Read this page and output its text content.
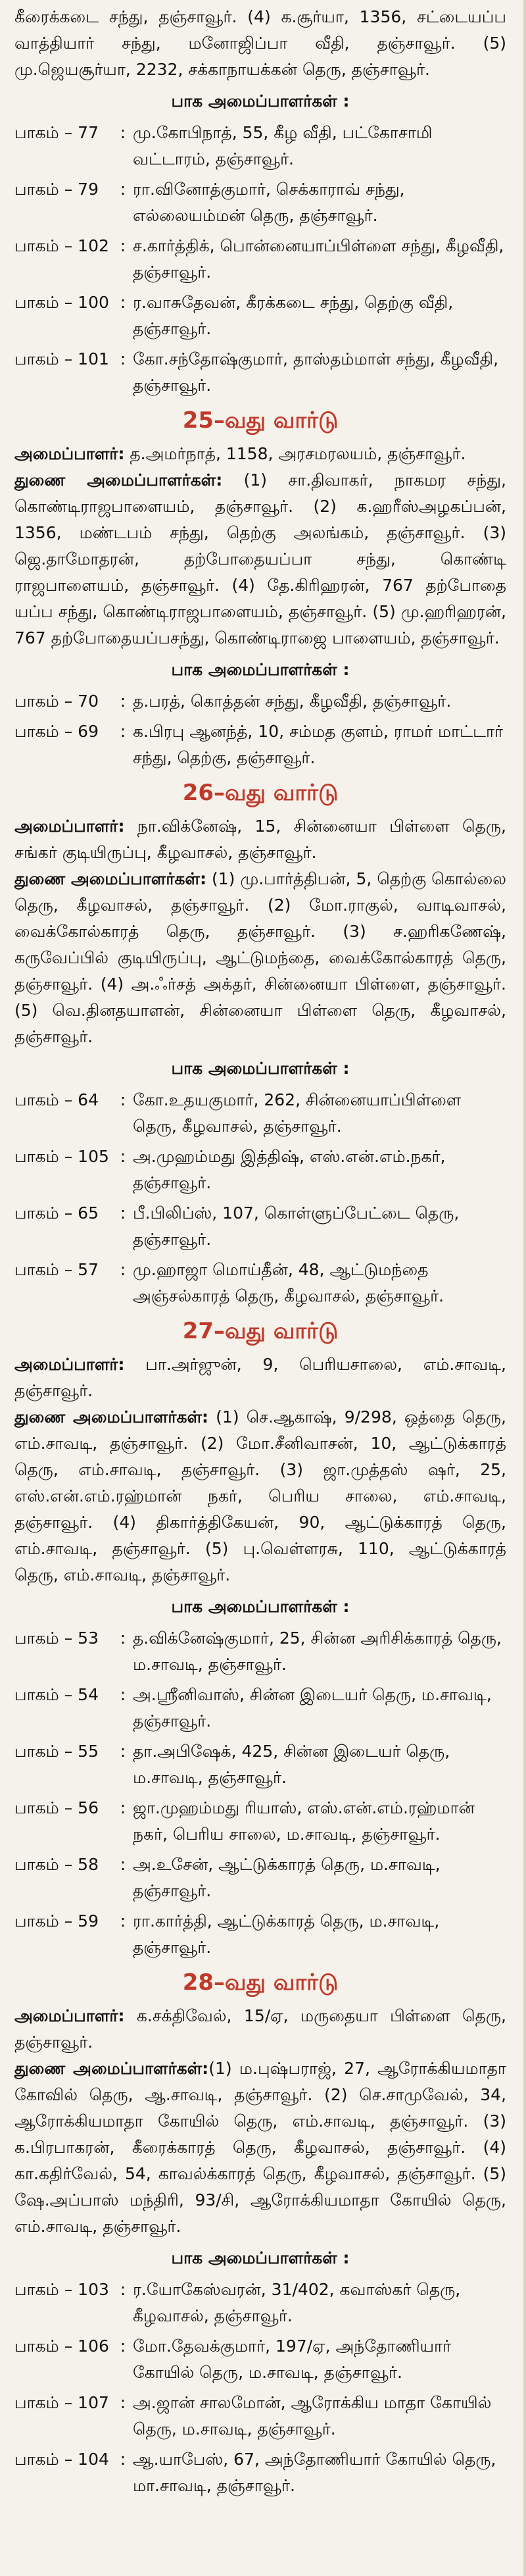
கீரைக்கடை சந்து, தஞ்சாவூர். (4) க.சூர்யா, 1356, சட்டையப்ப வாத்தியார் சந்து, மனோஜிப்பா வீதி, தஞ்சாவூர். (5) மு.ஜெயசூர்யா, 2232, சக்காநாயக்கன் தெரு, தஞ்சாவூர்.

பாக அமைப்பாளர்கள் :
பாகம் – 77	: மு.கோபிநாத், 55, கீழ வீதி, பட்கோசாமி வட்டாரம், தஞ்சாவூர்.
பாகம் – 79	: ரா.வினோத்குமார், செக்காராவ் சந்து, எல்லையம்மன் தெரு, தஞ்சாவூர்.
பாகம் – 102 : ச.கார்த்திக், பொன்னையாப்பிள்ளை சந்து, கீழவீதி, தஞ்சாவூர்.
பாகம் – 100 : ர.வாசுதேவன், கீரக்கடை சந்து, தெற்கு வீதி, தஞ்சாவூர்.
பாகம் – 101 : கோ.சந்தோஷ்குமார், தாஸ்தம்மாள் சந்து, கீழவீதி, தஞ்சாவூர்.
25–வது வார்டு

அமைப்பாளர்: த.அமர்நாத், 1158, அரசமரலயம், தஞ்சாவூர்.

துணை அமைப்பாளர்கள்: (1) சா.திவாகர், நாகமர சந்து, கொண்டிராஜபாளையம், தஞ்சாவூர். (2) க.ஹரீஸ்அழகப்பன், 1356, மண்டபம் சந்து, தெற்கு அலங்கம், தஞ்சாவூர். (3) ஜெ.தாமோதரன், தற்போதையப்பா சந்து, கொண்டி ராஜபாளையம், தஞ்சாவூர். (4) தே.கிரிஹரன், 767 தற்போதை யப்ப சந்து, கொண்டிராஜபாளையம், தஞ்சாவூர். (5) மு.ஹரிஹரன், 767 தற்போதையப்பசந்து, கொண்டிராஜை பாளையம், தஞ்சாவூர்.

பாக அமைப்பாளர்கள் :
பாகம் – 70	: த.பரத், கொத்தன் சந்து, கீழவீதி, தஞ்சாவூர்.
பாகம் – 69	: க.பிரபு ஆனந்த், 10, சம்மத குளம், ராமர் மாட்டார் சந்து, தெற்கு, தஞ்சாவூர்.
26–வது வார்டு

அமைப்பாளர்: நா.விக்னேஷ், 15, சின்னையா பிள்ளை தெரு, சங்கர் குடியிருப்பு, கீழவாசல், தஞ்சாவூர்.

துணை அமைப்பாளர்கள்: (1) மு.பார்த்திபன், 5, தெற்கு கொல்லை தெரு, கீழவாசல், தஞ்சாவூர். (2) மோ.ராகுல், வாடிவாசல், வைக்கோல்காரத் தெரு, தஞ்சாவூர். (3) ச.ஹரிகணேஷ், கருவேப்பில் குடியிருப்பு, ஆட்டுமந்தை, வைக்கோல்காரத் தெரு, தஞ்சாவூர். (4) அ.ஃர்சத் அக்தர், சின்னையா பிள்ளை, தஞ்சாவூர். (5) வெ.தினதயாளன், சின்னையா பிள்ளை தெரு, கீழவாசல், தஞ்சாவூர்.

பாக அமைப்பாளர்கள் :
பாகம் – 64	: கோ.உதயகுமார், 262, சின்னையாப்பிள்ளை தெரு, கீழவாசல், தஞ்சாவூர்.
பாகம் – 105 : அ.முஹம்மது இத்திஷ், எஸ்.என்.எம்.நகர், தஞ்சாவூர்.
பாகம் – 65	: பீ.பிலிப்ஸ், 107, கொள்ளுப்பேட்டை தெரு, தஞ்சாவூர்.
பாகம் – 57	: மு.ஹாஜா மொய்தீன், 48, ஆட்டுமந்தை அஞ்சல்காரத் தெரு, கீழவாசல், தஞ்சாவூர்.
27–வது வார்டு

அமைப்பாளர்: பா.அர்ஜுன், 9, பெரியசாலை, எம்.சாவடி, தஞ்சாவூர்.

துணை அமைப்பாளர்கள்: (1) செ.ஆகாஷ், 9/298, ஒத்தை தெரு, எம்.சாவடி, தஞ்சாவூர். (2) மோ.சீனிவாசன், 10, ஆட்டுக்காரத் தெரு, எம்.சாவடி, தஞ்சாவூர். (3) ஜா.முத்தஸ் ஷர், 25, எஸ்.என்.எம்.ரஹ்மான் நகர், பெரிய சாலை, எம்.சாவடி, தஞ்சாவூர். (4) திகார்த்திகேயன், 90, ஆட்டுக்காரத் தெரு, எம்.சாவடி, தஞ்சாவூர். (5) பு.வெள்ளரசு, 110, ஆட்டுக்காரத் தெரு, எம்.சாவடி, தஞ்சாவூர்.

பாக அமைப்பாளர்கள் :
பாகம் – 53	: த.விக்னேஷ்குமார், 25, சின்ன அரிசிக்காரத் தெரு, ம.சாவடி, தஞ்சாவூர்.
பாகம் – 54	: அ.ஸ்ரீனிவாஸ், சின்ன இடையர் தெரு, ம.சாவடி, தஞ்சாவூர்.
பாகம் – 55	: தா.அபிஷேக், 425, சின்ன இடையர் தெரு, ம.சாவடி, தஞ்சாவூர்.
பாகம் – 56	: ஜா.முஹம்மது ரியாஸ், எஸ்.என்.எம்.ரஹ்மான் நகர், பெரிய சாலை, ம.சாவடி, தஞ்சாவூர்.
பாகம் – 58	: அ.உசேன், ஆட்டுக்காரத் தெரு, ம.சாவடி, தஞ்சாவூர்.
பாகம் – 59	: ரா.கார்த்தி, ஆட்டுக்காரத் தெரு, ம.சாவடி, தஞ்சாவூர்.
28–வது வார்டு

அமைப்பாளர்: க.சக்திவேல், 15/ஏ, மருதையா பிள்ளை தெரு, தஞ்சாவூர்.

துணை அமைப்பாளர்கள்:(1) ம.புஷ்பராஜ், 27, ஆரோக்கியமாதா கோவில் தெரு, ஆ.சாவடி, தஞ்சாவூர். (2) செ.சாமுவேல், 34, ஆரோக்கியமாதா கோயில் தெரு, எம்.சாவடி, தஞ்சாவூர். (3) க.பிரபாகரன், கீரைக்காரத் தெரு, கீழவாசல், தஞ்சாவூர். (4) கா.கதிர்வேல், 54, காவல்க்காரத் தெரு, கீழவாசல், தஞ்சாவூர். (5) ஷே.அப்பாஸ் மந்திரி, 93/சி, ஆரோக்கியமாதா கோயில் தெரு, எம்.சாவடி, தஞ்சாவூர்.

பாக அமைப்பாளர்கள் :
பாகம் – 103 : ர.யோகேஸ்வரன், 31/402, கவாஸ்கர் தெரு, கீழவாசல், தஞ்சாவூர்.
பாகம் – 106 : மோ.தேவக்குமார், 197/ஏ, அந்தோணியார் கோயில் தெரு, ம.சாவடி, தஞ்சாவூர்.
பாகம் – 107 : அ.ஜான் சாலமோன், ஆரோக்கிய மாதா கோயில் தெரு, ம.சாவடி, தஞ்சாவூர்.
பாகம் – 104 : ஆ.யாபேஸ், 67, அந்தோணியார் கோயில் தெரு, மா.சாவடி, தஞ்சாவூர்.
